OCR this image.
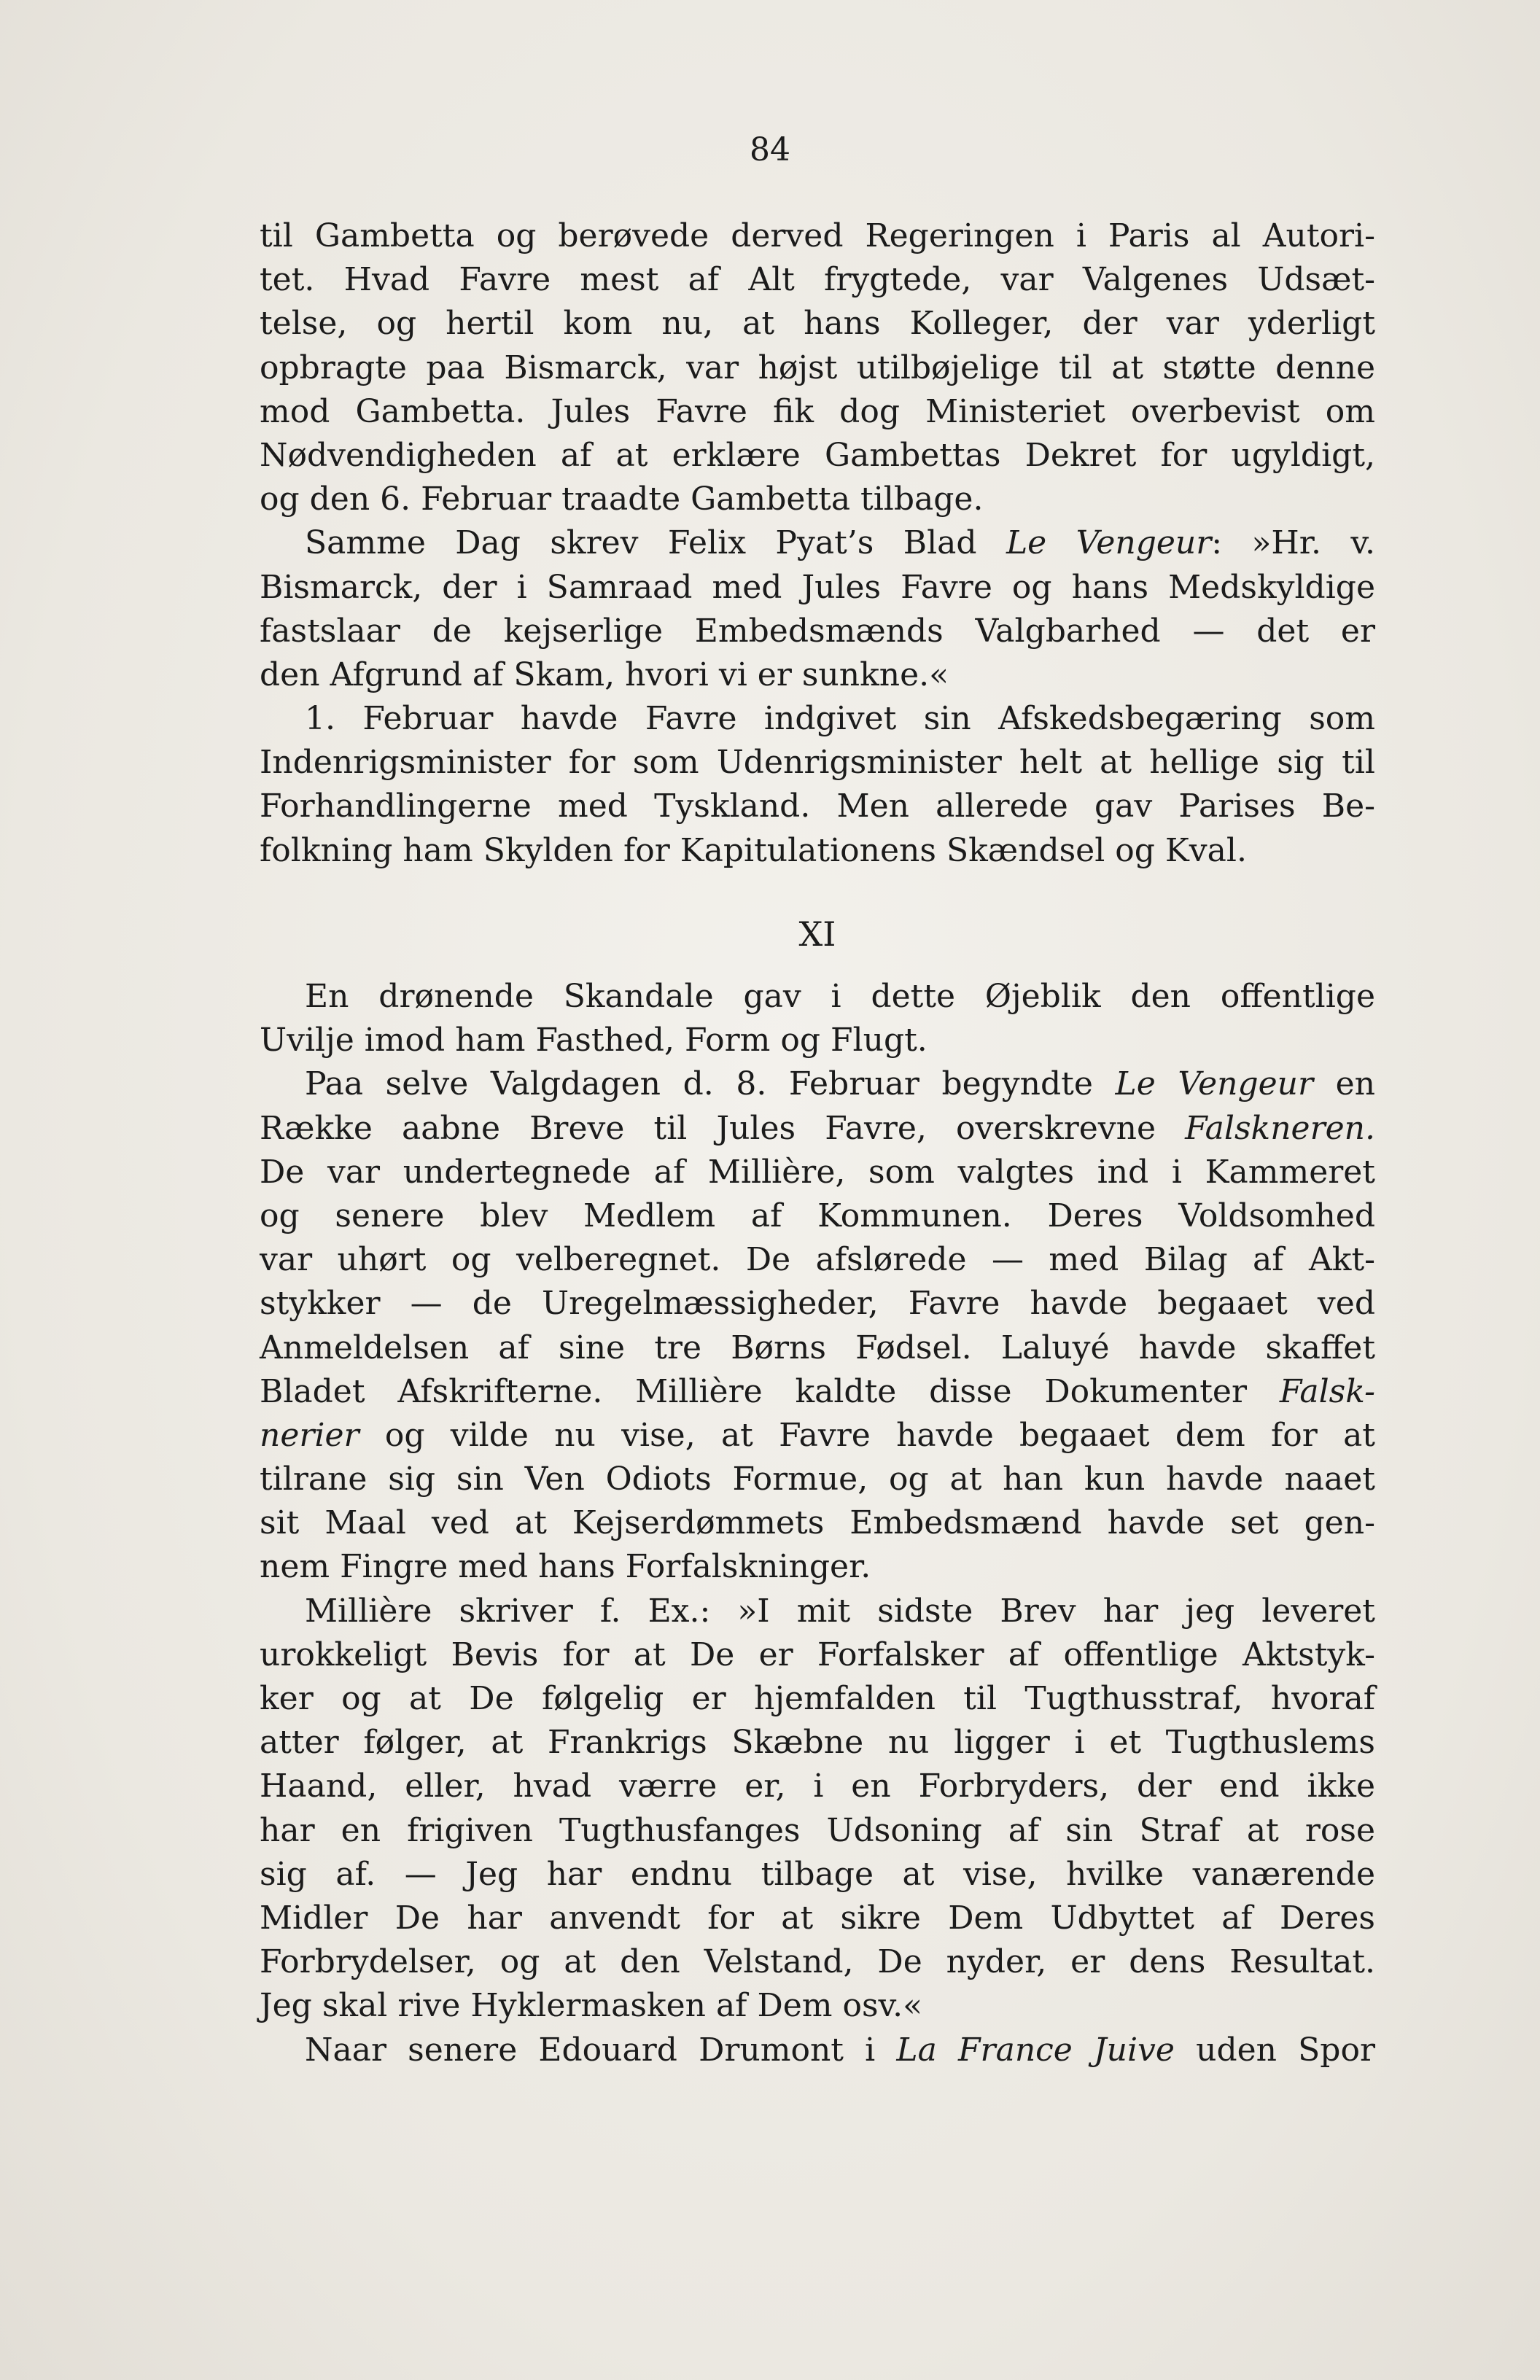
84
til Gambetta og berøvede derved Regeringen i Paris al Autori-
tet. Hvad Favre mest af Alt frygtede, var Valgenes Udsæt-
telse, og hertil kom nu, at hans Kolleger, der var yderligt
opbragte paa Bismarck, var højst utilbøjelige til at støtte denne
mod Gambetta. Jules Favre fik dog Ministeriet overbevist om
Nødvendigheden af at erklære Gambettas Dekret for ugyldigt,
og den 6. Februar traadte Gambetta tilbage.
Samme Dag skrev Felix Pyat’s Blad Le Vengeur: »Hr. v.
Bismarck, der i Samraad med Jules Favre og hans Medskyldige
fastslaar de kejserlige Embedsmænds Valgbarhed — det er
den Afgrund af Skam, hvori vi er sunkne.«
1. Februar havde Favre indgivet sin Afskedsbegæring som
Indenrigsminister for som Udenrigsminister helt at hellige sig til
Forhandlingerne med Tyskland. Men allerede gav Parises Be-
folkning ham Skylden for Kapitulationens Skændsel og Kval.
XI
En drønende Skandale gav i dette Øjeblik den offentlige
Uvilje imod ham Fasthed, Form og Flugt.
Paa selve Valgdagen d. 8. Februar begyndte Le Vengeur en
Række aabne Breve til Jules Favre, overskrevne Falskneren.
De var undertegnede af Millière, som valgtes ind i Kammeret
og senere blev Medlem af Kommunen. Deres Voldsomhed
var uhørt og velberegnet. De afslørede — med Bilag af Akt-
stykker — de Uregelmæssigheder, Favre havde begaaet ved
Anmeldelsen af sine tre Børns Fødsel. Laluyé havde skaffet
Bladet Afskrifterne. Millière kaldte disse Dokumenter Falsk-
nerier og vilde nu vise, at Favre havde begaaet dem for at
tilrane sig sin Ven Odiots Formue, og at han kun havde naaet
sit Maal ved at Kejserdømmets Embedsmænd havde set gen-
nem Fingre med hans Forfalskninger.
Millière skriver f. Ex.: »I mit sidste Brev har jeg leveret
urokkeligt Bevis for at De er Forfalsker af offentlige Aktstyk-
ker og at De følgelig er hjemfalden til Tugthusstraf, hvoraf
atter følger, at Frankrigs Skæbne nu ligger i et Tugthuslems
Haand, eller, hvad værre er, i en Forbryders, der end ikke
har en frigiven Tugthusfanges Udsoning af sin Straf at rose
sig af. — Jeg har endnu tilbage at vise, hvilke vanærende
Midler De har anvendt for at sikre Dem Udbyttet af Deres
Forbrydelser, og at den Velstand, De nyder, er dens Resultat.
Jeg skal rive Hyklermasken af Dem osv.«
Naar senere Edouard Drumont i La France Juive uden Spor
